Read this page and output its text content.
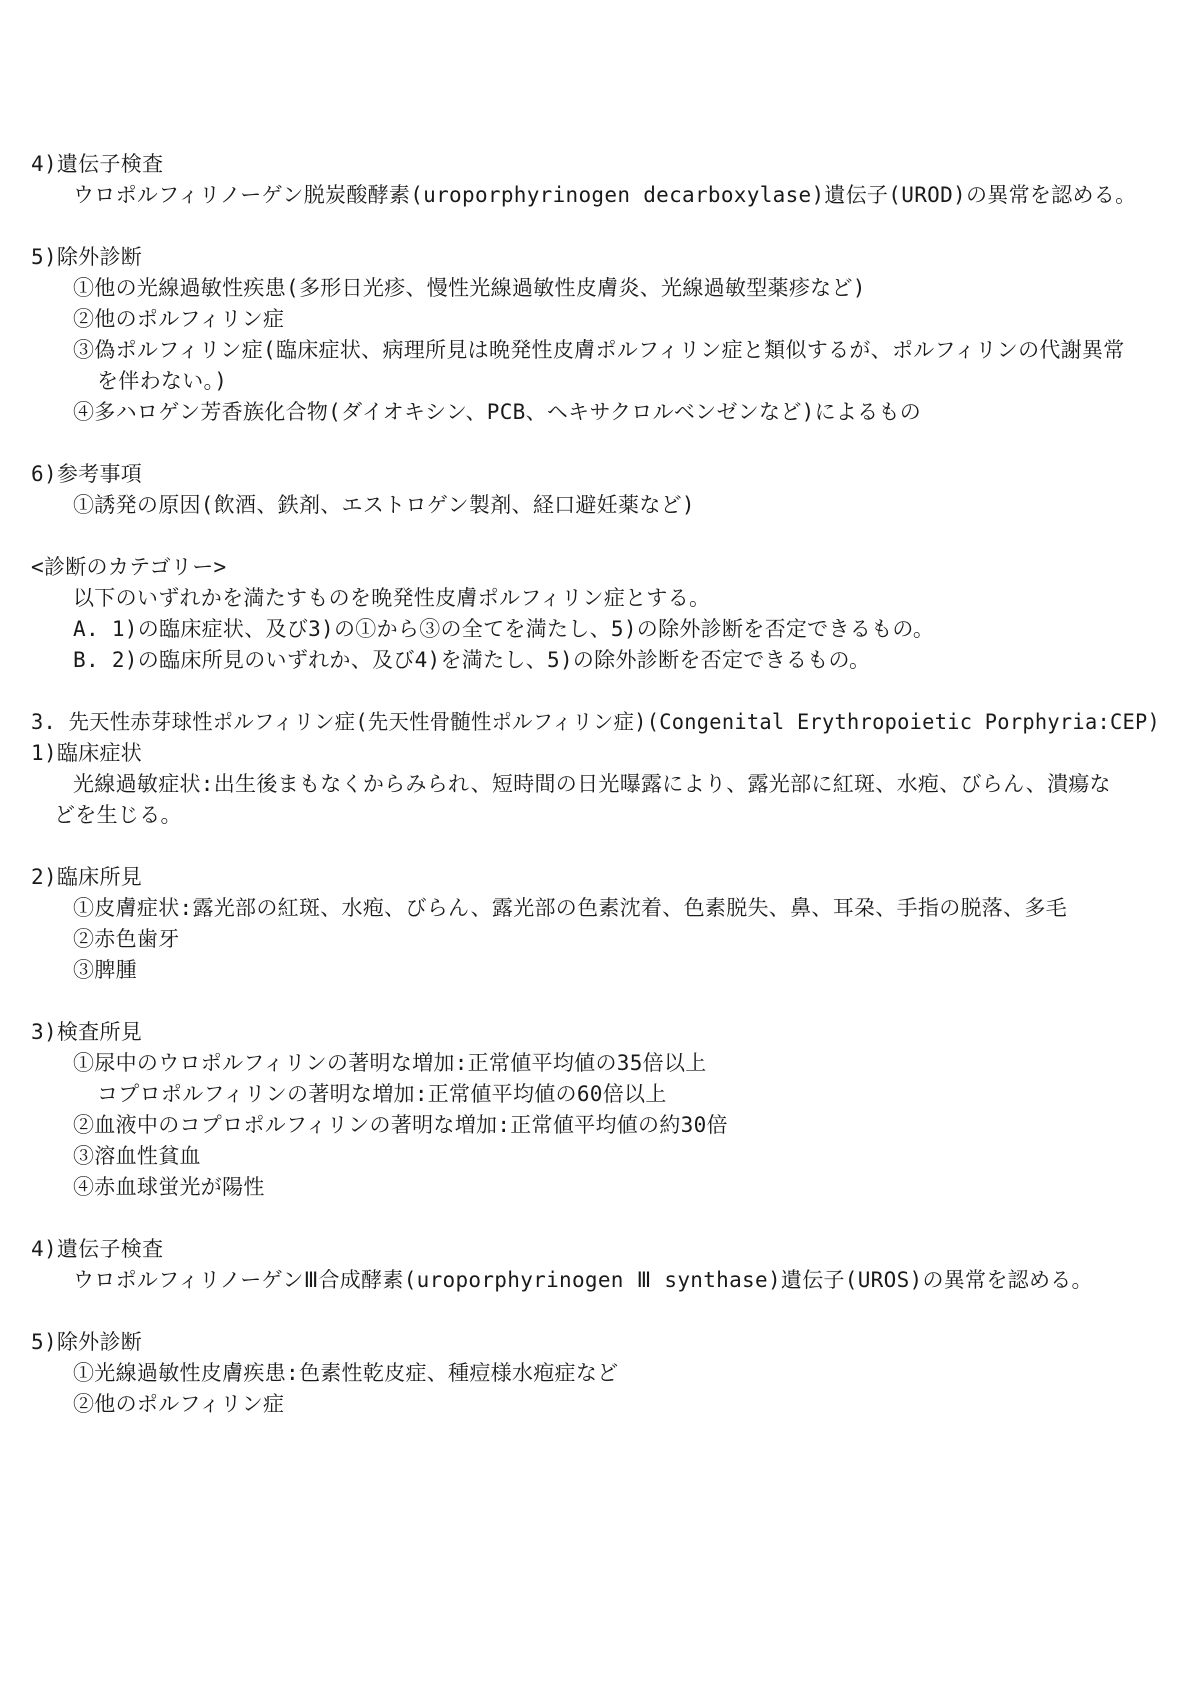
4)遺伝子検査
ウロポルフィリノーゲン脱炭酸酵素(uroporphyrinogen decarboxylase)遺伝子(UROD)の異常を認める。
5)除外診断
①他の光線過敏性疾患(多形日光疹、慢性光線過敏性皮膚炎、光線過敏型薬疹など)
②他のポルフィリン症
③偽ポルフィリン症(臨床症状、病理所見は晩発性皮膚ポルフィリン症と類似するが、ポルフィリンの代謝異常
を伴わない。)
④多ハロゲン芳香族化合物(ダイオキシン、PCB、ヘキサクロルベンゼンなど)によるもの
6)参考事項
①誘発の原因(飲酒、鉄剤、エストロゲン製剤、経口避妊薬など)
<診断のカテゴリー>
以下のいずれかを満たすものを晩発性皮膚ポルフィリン症とする。
A. 1)の臨床症状、及び3)の①から③の全てを満たし、5)の除外診断を否定できるもの。
B. 2)の臨床所見のいずれか、及び4)を満たし、5)の除外診断を否定できるもの。
3. 先天性赤芽球性ポルフィリン症(先天性骨髄性ポルフィリン症)(Congenital Erythropoietic Porphyria:CEP)
1)臨床症状
光線過敏症状:出生後まもなくからみられ、短時間の日光曝露により、露光部に紅斑、水疱、びらん、潰瘍な
どを生じる。
2)臨床所見
①皮膚症状:露光部の紅斑、水疱、びらん、露光部の色素沈着、色素脱失、鼻、耳朶、手指の脱落、多毛
②赤色歯牙
③脾腫
3)検査所見
①尿中のウロポルフィリンの著明な増加:正常値平均値の35倍以上
コプロポルフィリンの著明な増加:正常値平均値の60倍以上
②血液中のコプロポルフィリンの著明な増加:正常値平均値の約30倍
③溶血性貧血
④赤血球蛍光が陽性
4)遺伝子検査
ウロポルフィリノーゲンⅢ合成酵素(uroporphyrinogen Ⅲ synthase)遺伝子(UROS)の異常を認める。
5)除外診断
①光線過敏性皮膚疾患:色素性乾皮症、種痘様水疱症など
②他のポルフィリン症
